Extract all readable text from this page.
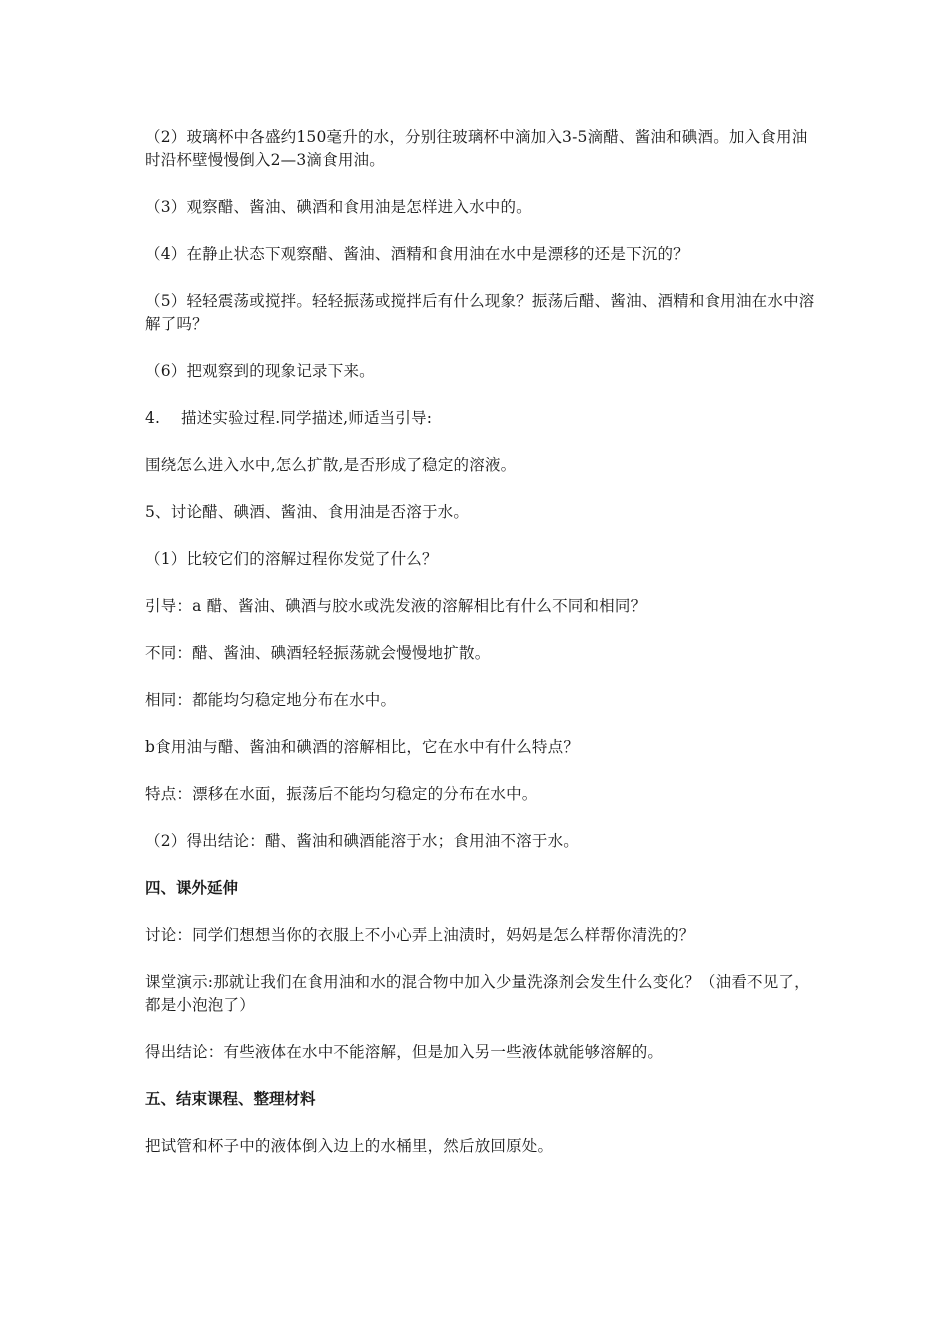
（2）玻璃杯中各盛约150毫升的水，分别往玻璃杯中滴加入3-5滴醋、酱油和碘酒。加入食用油时沿杯壁慢慢倒入2—3滴食用油。

（3）观察醋、酱油、碘酒和食用油是怎样进入水中的。

（4）在静止状态下观察醋、酱油、酒精和食用油在水中是漂移的还是下沉的？

（5）轻轻震荡或搅拌。轻轻振荡或搅拌后有什么现象？振荡后醋、酱油、酒精和食用油在水中溶解了吗？

（6）把观察到的现象记录下来。

4.　 描述实验过程.同学描述,师适当引导:

围绕怎么进入水中,怎么扩散,是否形成了稳定的溶液。

5、讨论醋、碘酒、酱油、食用油是否溶于水。

（1）比较它们的溶解过程你发觉了什么？

引导：a 醋、酱油、碘酒与胶水或洗发液的溶解相比有什么不同和相同？

不同：醋、酱油、碘酒轻轻振荡就会慢慢地扩散。

相同：都能均匀稳定地分布在水中。

b食用油与醋、酱油和碘酒的溶解相比，它在水中有什么特点？

特点：漂移在水面，振荡后不能均匀稳定的分布在水中。

（2）得出结论：醋、酱油和碘酒能溶于水；食用油不溶于水。

四、课外延伸

讨论：同学们想想当你的衣服上不小心弄上油渍时，妈妈是怎么样帮你清洗的？

课堂演示:那就让我们在食用油和水的混合物中加入少量洗涤剂会发生什么变化？（油看不见了，都是小泡泡了）

得出结论：有些液体在水中不能溶解，但是加入另一些液体就能够溶解的。

五、结束课程、整理材料

把试管和杯子中的液体倒入边上的水桶里，然后放回原处。
